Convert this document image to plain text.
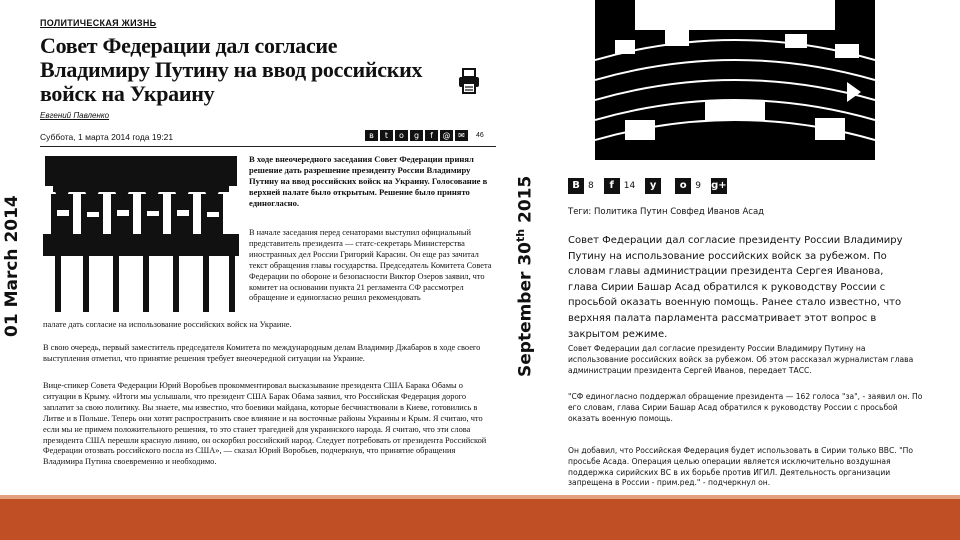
01 March 2014	September 30th 2015
ПОЛИТИЧЕСКАЯ ЖИЗНЬ
Совет Федерации дал согласие Владимиру Путину на ввод российских войск на Украину
Евгений Павленко
Суббота, 1 марта 2014 года 19:21	в	t	о	g	f	@ ✉	46
В ходе внеочередного заседания Совет Федерации принял решение дать разрешение президенту России Владимиру Путину на ввод российских войск на Украину. Голосование в верхней палате было открытым. Решение было принято единогласно.
В начале заседания перед сенаторами выступил официальный представитель президента — статс-секретарь Министерства иностранных дел России Григорий Карасин. Он еще раз зачитал текст обращения главы государства. Председатель Комитета Совета Федерации по обороне и безопасности Виктор Озеров заявил, что комитет на основании пункта 21 регламента СФ рассмотрел обращение и единогласно решил рекомендовать
палате дать согласие на использование российских войск на Украине.
В свою очередь, первый заместитель председателя Комитета по международным делам Владимир Джабаров в ходе своего выступления отметил, что принятие решения требует внеочередной ситуации на Украине.
Вице-спикер Совета Федерации Юрий Воробьев прокомментировал высказывание президента США Барака Обамы о ситуации в Крыму. «Итоги мы услышали, что президент США Барак Обама заявил, что Российская Федерация дорого заплатит за свою политику. Вы знаете, мы известно, что боевики майдана, которые бесчинствовали в Киеве, готовились в Литве и в Польше. Теперь они хотят распространить свое влияние и на восточные районы Украины и Крым. Я считаю, что если мы не примем положительного решения, то это станет трагедией для украинского народа. Я считаю, что эти слова президента США перешли красную линию, он оскорбил российский народ. Следует потребовать от президента Российской Федерации отозвать российского посла из США», — сказал Юрий Воробьев, подчеркнув, что принятие обращения Владимира Путина своевременно и необходимо.
B 8	f	14	y	o 9 g+
Теги: Политика Путин Совфед Иванов Асад
Совет Федерации дал согласие президенту России Владимиру Путину на использование российских войск за рубежом. По словам главы администрации президента Сергея Иванова, глава Сирии Башар Асад обратился к руководству России с просьбой оказать военную помощь. Ранее стало известно, что верхняя палата парламента рассматривает этот вопрос в закрытом режиме.
Совет Федерации дал согласие президенту России Владимиру Путину на использование российских войск за рубежом. Об этом рассказал журналистам глава администрации президента Сергей Иванов, передает ТАСС.
"СФ единогласно поддержал обращение президента — 162 голоса "за", - заявил он. По его словам, глава Сирии Башар Асад обратился к руководству России с просьбой оказать военную помощь.
Он добавил, что Российская Федерация будет использовать в Сирии только ВВС. "По просьбе Асада. Операция целью операции является исключительно воздушная поддержка сирийских ВС в их борьбе против ИГИЛ. Деятельность организации запрещена в России - прим.ред." - подчеркнул он.
